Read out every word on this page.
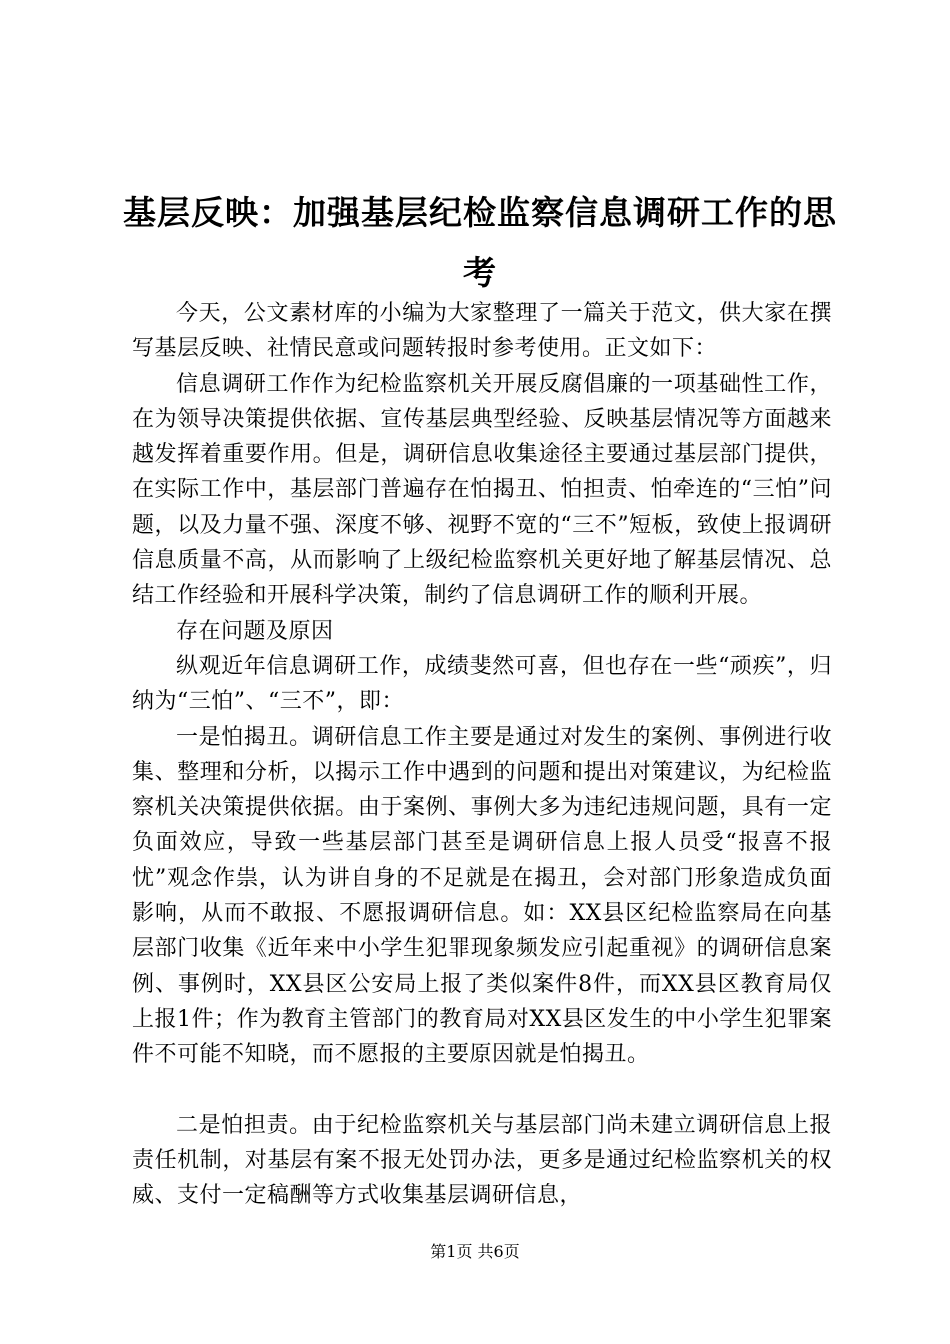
基层反映：加强基层纪检监察信息调研工作的思考

今天，公文素材库的小编为大家整理了一篇关于范文，供大家在撰写基层反映、社情民意或问题转报时参考使用。正文如下：

信息调研工作作为纪检监察机关开展反腐倡廉的一项基础性工作，在为领导决策提供依据、宣传基层典型经验、反映基层情况等方面越来越发挥着重要作用。但是，调研信息收集途径主要通过基层部门提供，在实际工作中，基层部门普遍存在怕揭丑、怕担责、怕牵连的“三怕”问题，以及力量不强、深度不够、视野不宽的“三不”短板，致使上报调研信息质量不高，从而影响了上级纪检监察机关更好地了解基层情况、总结工作经验和开展科学决策，制约了信息调研工作的顺利开展。

存在问题及原因

纵观近年信息调研工作，成绩斐然可喜，但也存在一些“顽疾”，归纳为“三怕”、“三不”，即：

一是怕揭丑。调研信息工作主要是通过对发生的案例、事例进行收集、整理和分析，以揭示工作中遇到的问题和提出对策建议，为纪检监察机关决策提供依据。由于案例、事例大多为违纪违规问题，具有一定负面效应，导致一些基层部门甚至是调研信息上报人员受“报喜不报忧”观念作祟，认为讲自身的不足就是在揭丑，会对部门形象造成负面影响，从而不敢报、不愿报调研信息。如：XX县区纪检监察局在向基层部门收集《近年来中小学生犯罪现象频发应引起重视》的调研信息案例、事例时，XX县区公安局上报了类似案件8件，而XX县区教育局仅上报1件；作为教育主管部门的教育局对XX县区发生的中小学生犯罪案件不可能不知晓，而不愿报的主要原因就是怕揭丑。

二是怕担责。由于纪检监察机关与基层部门尚未建立调研信息上报责任机制，对基层有案不报无处罚办法，更多是通过纪检监察机关的权威、支付一定稿酬等方式收集基层调研信息，

第1页 共6页
